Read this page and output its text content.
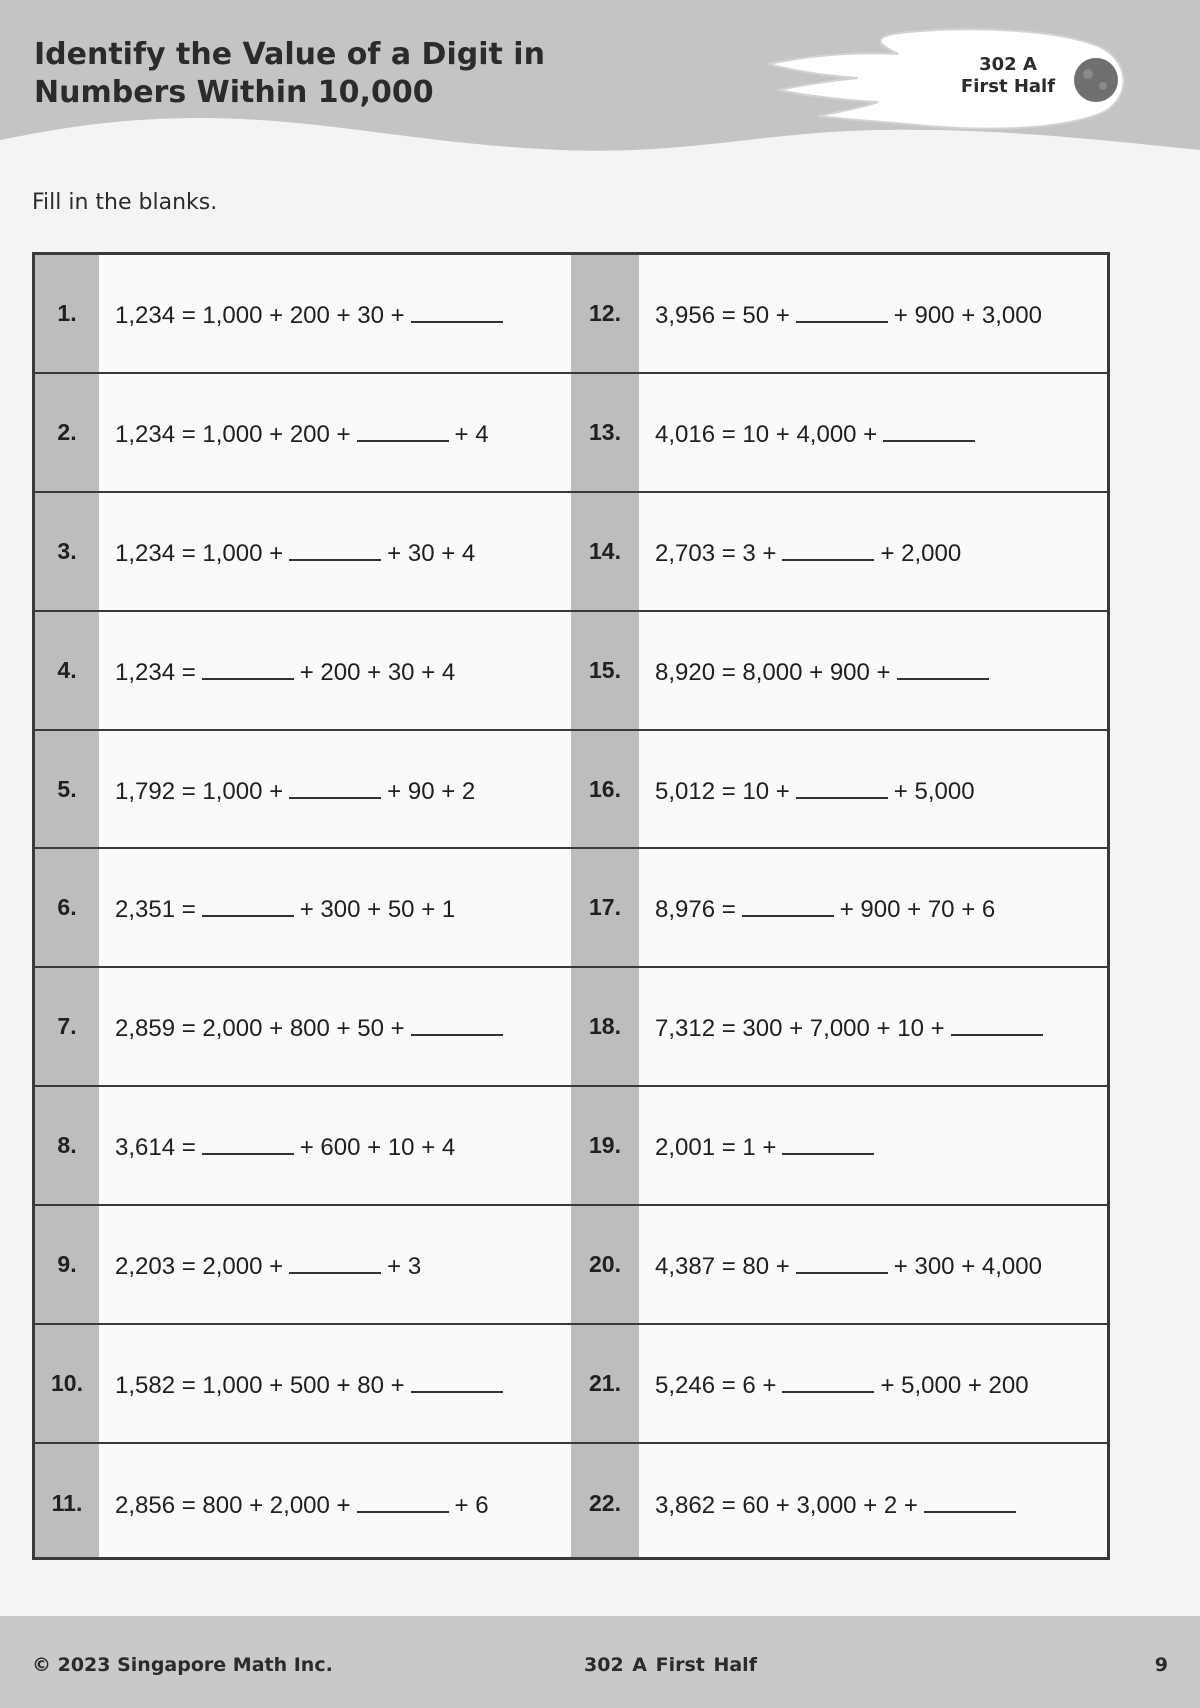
Identify the Value of a Digit in
Numbers Within 10,000
302 A
First Half
Fill in the blanks.
1.	1,234 = 1,000 + 200 + 30 +	12.	3,956 = 50 +	+ 900 + 3,000
2.	1,234 = 1,000 + 200 +	+ 4	13.	4,016 = 10 + 4,000 +
3.	1,234 = 1,000 +	+ 30 + 4	14.	2,703 = 3 +	+ 2,000
4.	1,234 =	+ 200 + 30 + 4	15.	8,920 = 8,000 + 900 +
5.	1,792 = 1,000 +	+ 90 + 2	16.	5,012 = 10 +	+ 5,000
6.	2,351 =	+ 300 + 50 + 1	17.	8,976 =	+ 900 + 70 + 6
7.	2,859 = 2,000 + 800 + 50 +	18.	7,312 = 300 + 7,000 + 10 +
8.	3,614 =	+ 600 + 10 + 4	19.	2,001 = 1 +
9.	2,203 = 2,000 +	+ 3	20.	4,387 = 80 +	+ 300 + 4,000
10.	1,582 = 1,000 + 500 + 80 +	21.	5,246 = 6 +	+ 5,000 + 200
11.	2,856 = 800 + 2,000 +	+ 6	22.	3,862 = 60 + 3,000 + 2 +
© 2023 Singapore Math Inc.	302 A First Half	9
